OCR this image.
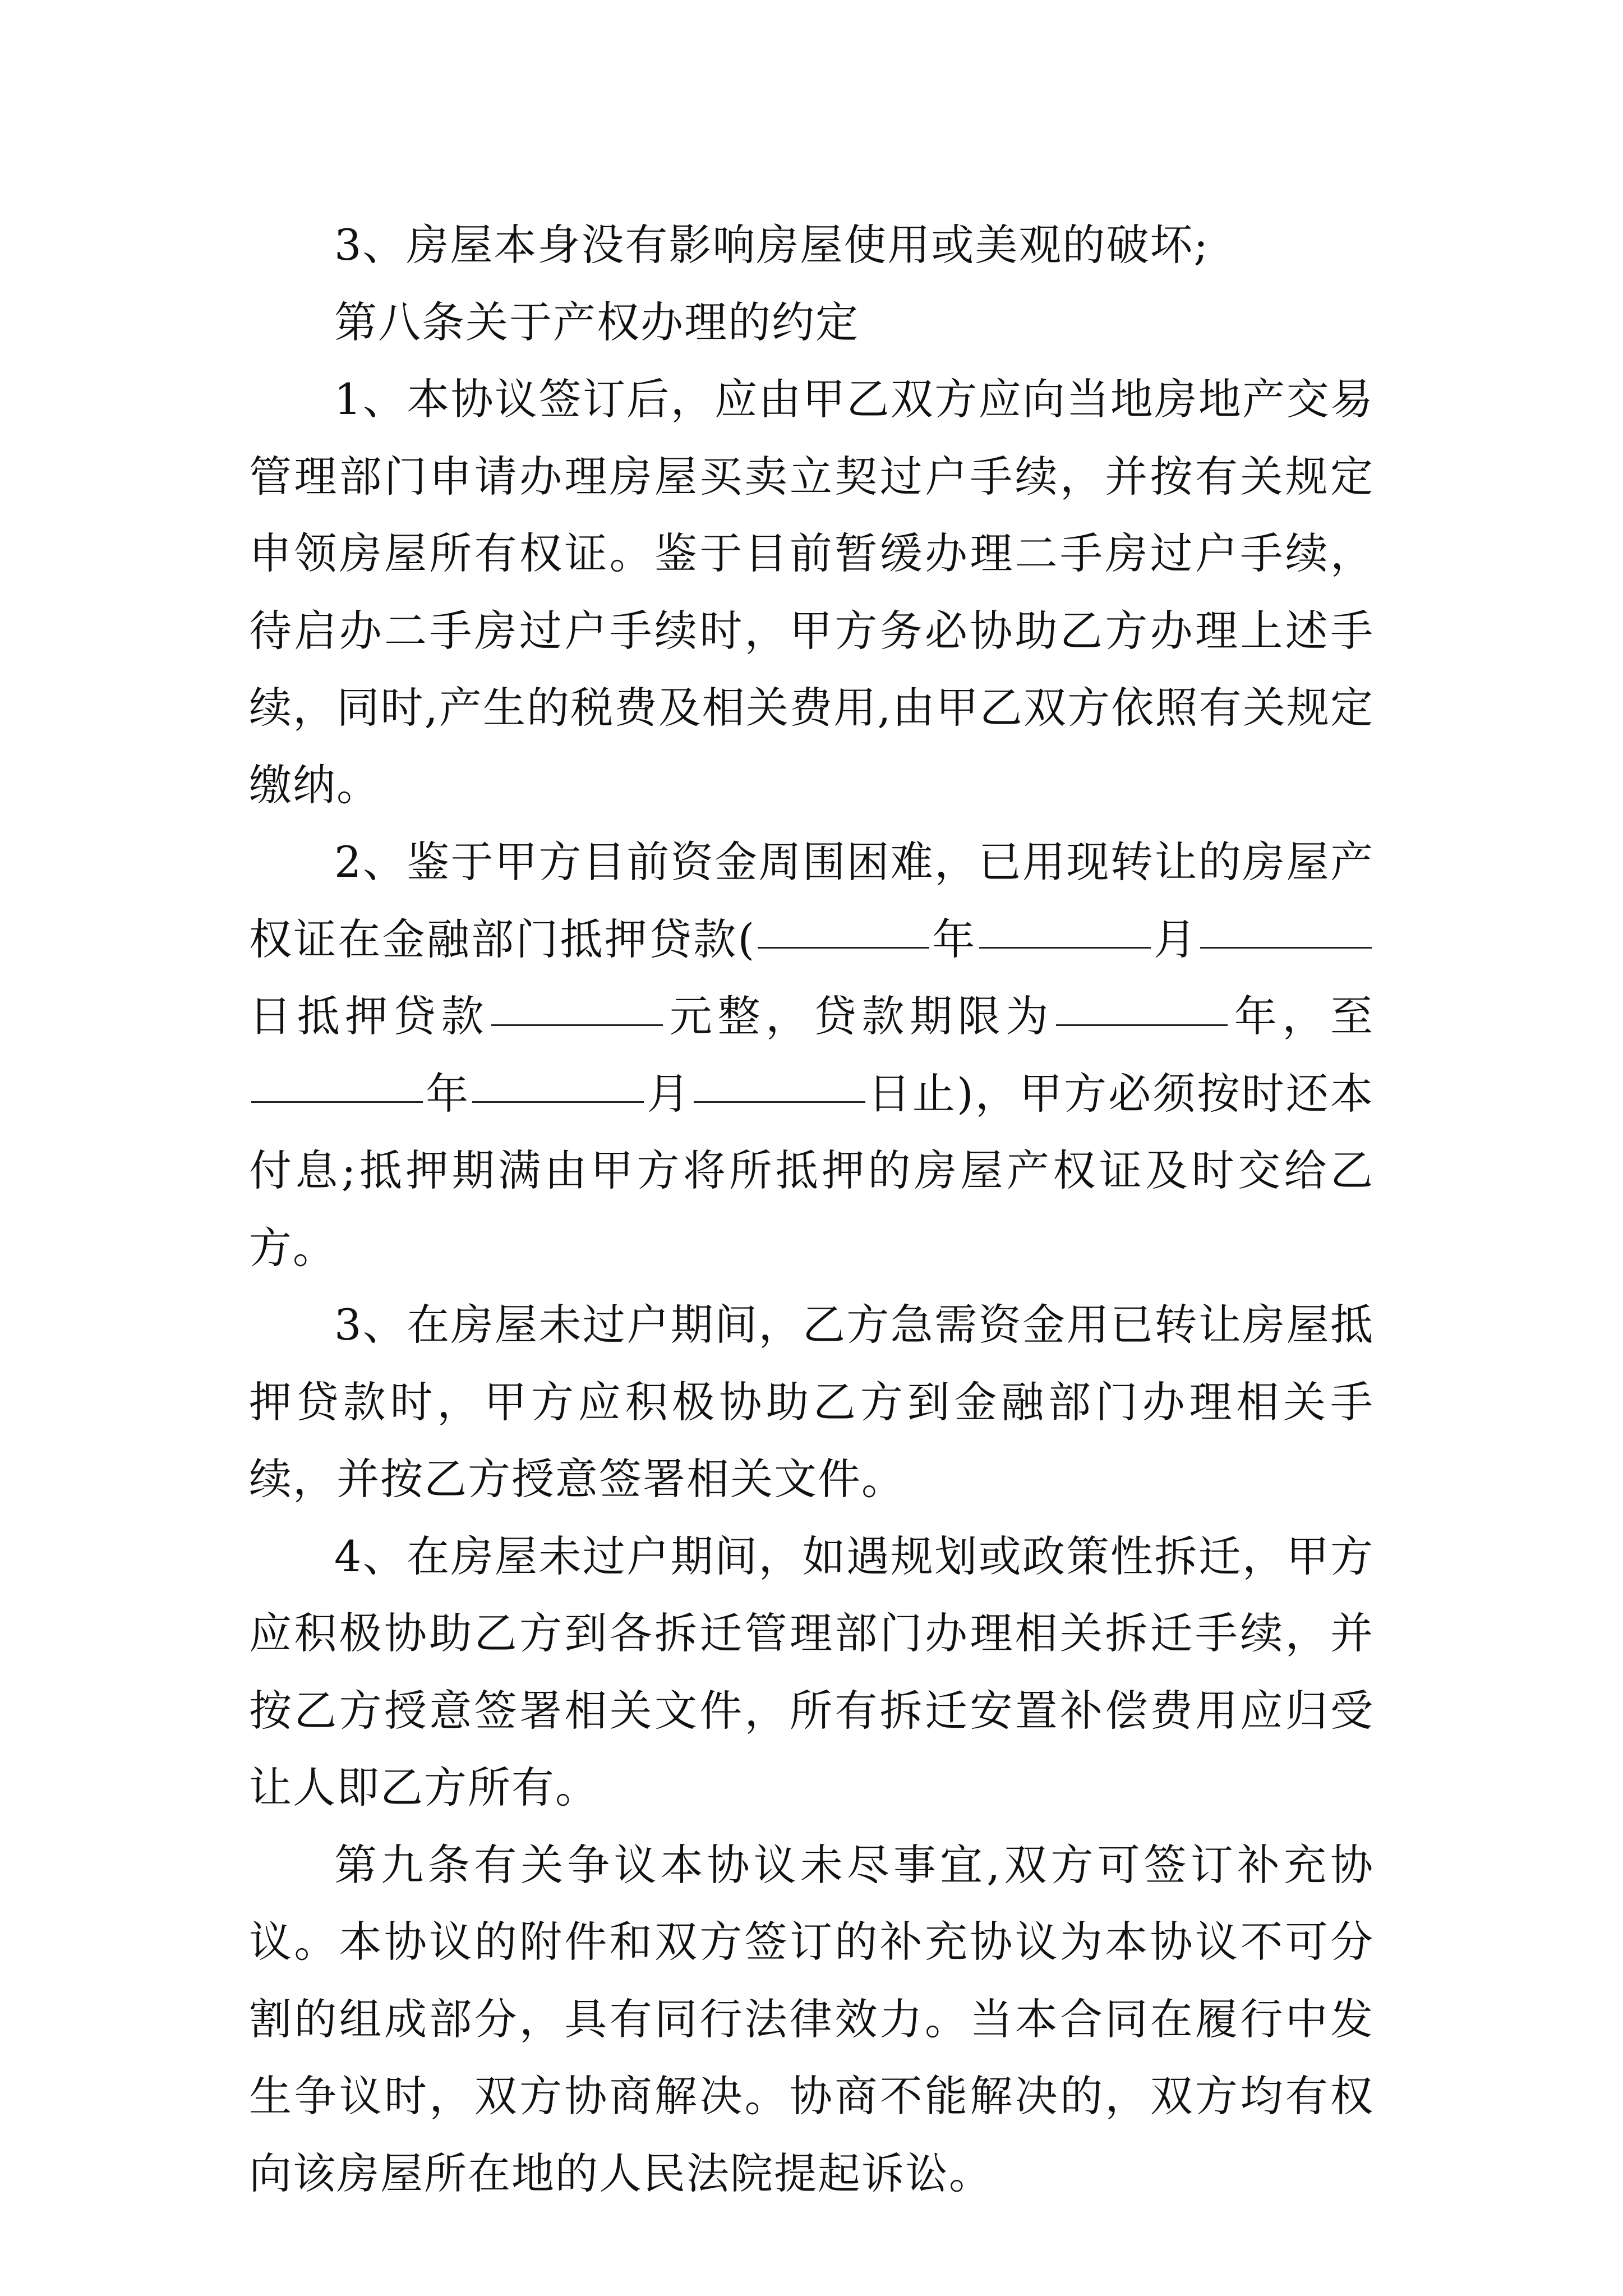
3、房屋本身没有影响房屋使用或美观的破坏;

第八条关于产权办理的约定

1、本协议签订后，应由甲乙双方应向当地房地产交易管理部门申请办理房屋买卖立契过户手续，并按有关规定申领房屋所有权证。鉴于目前暂缓办理二手房过户手续，待启办二手房过户手续时，甲方务必协助乙方办理上述手续，同时,产生的税费及相关费用,由甲乙双方依照有关规定缴纳。

2、鉴于甲方目前资金周围困难，已用现转让的房屋产权证在金融部门抵押贷款(	年	月日抵押贷款	元整，贷款期限为	年，至年	月	日止)，甲方必须按时还本付息;抵押期满由甲方将所抵押的房屋产权证及时交给乙方。

3、在房屋未过户期间，乙方急需资金用已转让房屋抵押贷款时，甲方应积极协助乙方到金融部门办理相关手续，并按乙方授意签署相关文件。

4、在房屋未过户期间，如遇规划或政策性拆迁，甲方应积极协助乙方到各拆迁管理部门办理相关拆迁手续，并按乙方授意签署相关文件，所有拆迁安置补偿费用应归受让人即乙方所有。

第九条有关争议本协议未尽事宜,双方可签订补充协议。本协议的附件和双方签订的补充协议为本协议不可分割的组成部分，具有同行法律效力。当本合同在履行中发生争议时，双方协商解决。协商不能解决的，双方均有权向该房屋所在地的人民法院提起诉讼。
